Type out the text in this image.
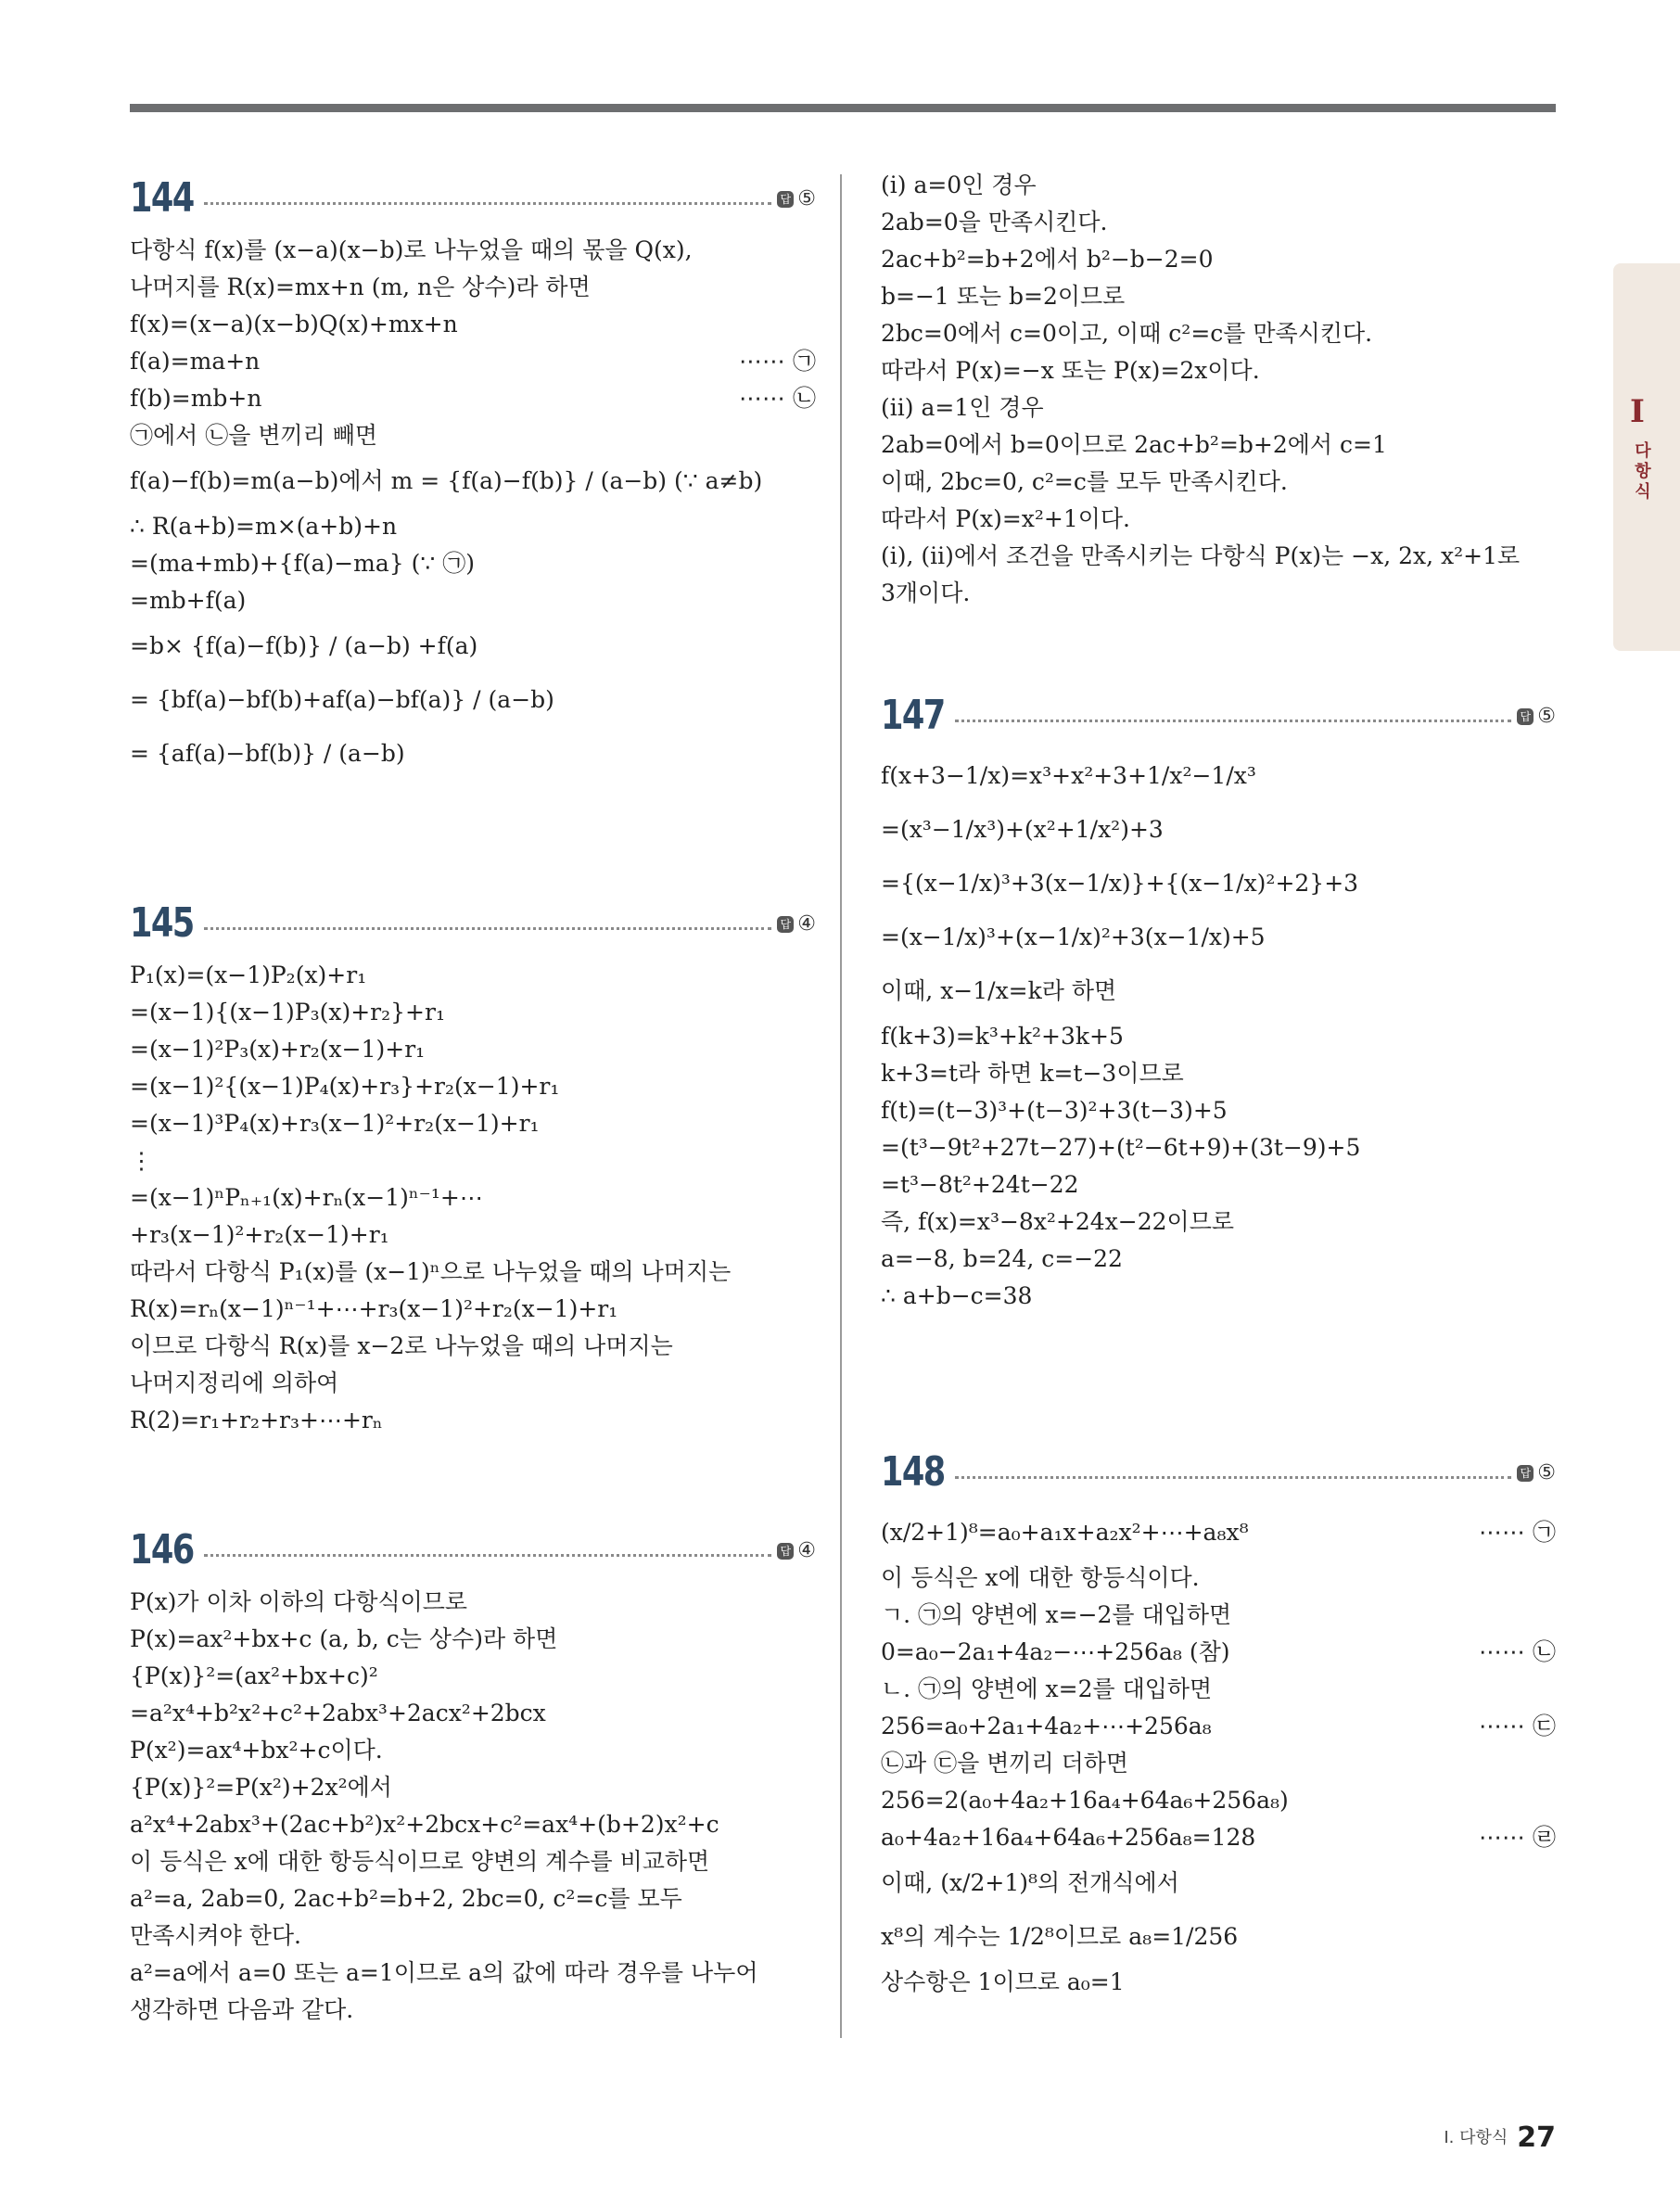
I
다항식
144	답 ⑤
다항식 f(x)를 (x−a)(x−b)로 나누었을 때의 몫을 Q(x),
나머지를 R(x)=mx+n (m, n은 상수)라 하면
f(x)=(x−a)(x−b)Q(x)+mx+n
f(a)=ma+n	⋯⋯ ㉠
f(b)=mb+n	⋯⋯ ㉡
㉠에서 ㉡을 변끼리 빼면
f(a)−f(b)=m(a−b)에서 m = {f(a)−f(b)} / (a−b) (∵ a≠b)
∴ R(a+b)=m×(a+b)+n
=(ma+mb)+{f(a)−ma} (∵ ㉠)
=mb+f(a)
=b× {f(a)−f(b)} / (a−b) +f(a)
= {bf(a)−bf(b)+af(a)−bf(a)} / (a−b)
= {af(a)−bf(b)} / (a−b)
145	답 ④
P₁(x)=(x−1)P₂(x)+r₁
=(x−1){(x−1)P₃(x)+r₂}+r₁
=(x−1)²P₃(x)+r₂(x−1)+r₁
=(x−1)²{(x−1)P₄(x)+r₃}+r₂(x−1)+r₁
=(x−1)³P₄(x)+r₃(x−1)²+r₂(x−1)+r₁
⋮
=(x−1)ⁿPₙ₊₁(x)+rₙ(x−1)ⁿ⁻¹+⋯
+r₃(x−1)²+r₂(x−1)+r₁
따라서 다항식 P₁(x)를 (x−1)ⁿ으로 나누었을 때의 나머지는
R(x)=rₙ(x−1)ⁿ⁻¹+⋯+r₃(x−1)²+r₂(x−1)+r₁
이므로 다항식 R(x)를 x−2로 나누었을 때의 나머지는
나머지정리에 의하여
R(2)=r₁+r₂+r₃+⋯+rₙ
146	답 ④
P(x)가 이차 이하의 다항식이므로
P(x)=ax²+bx+c (a, b, c는 상수)라 하면
{P(x)}²=(ax²+bx+c)²
=a²x⁴+b²x²+c²+2abx³+2acx²+2bcx
P(x²)=ax⁴+bx²+c이다.
{P(x)}²=P(x²)+2x²에서
a²x⁴+2abx³+(2ac+b²)x²+2bcx+c²=ax⁴+(b+2)x²+c
이 등식은 x에 대한 항등식이므로 양변의 계수를 비교하면
a²=a, 2ab=0, 2ac+b²=b+2, 2bc=0, c²=c를 모두
만족시켜야 한다.
a²=a에서 a=0 또는 a=1이므로 a의 값에 따라 경우를 나누어
생각하면 다음과 같다.
(ⅰ) a=0인 경우
2ab=0을 만족시킨다.
2ac+b²=b+2에서 b²−b−2=0
b=−1 또는 b=2이므로
2bc=0에서 c=0이고, 이때 c²=c를 만족시킨다.
따라서 P(x)=−x 또는 P(x)=2x이다.
(ⅱ) a=1인 경우
2ab=0에서 b=0이므로 2ac+b²=b+2에서 c=1
이때, 2bc=0, c²=c를 모두 만족시킨다.
따라서 P(x)=x²+1이다.
(ⅰ), (ⅱ)에서 조건을 만족시키는 다항식 P(x)는 −x, 2x, x²+1로
3개이다.
147	답 ⑤
f(x+3−1/x)=x³+x²+3+1/x²−1/x³
=(x³−1/x³)+(x²+1/x²)+3
={(x−1/x)³+3(x−1/x)}+{(x−1/x)²+2}+3
=(x−1/x)³+(x−1/x)²+3(x−1/x)+5
이때, x−1/x=k라 하면
f(k+3)=k³+k²+3k+5
k+3=t라 하면 k=t−3이므로
f(t)=(t−3)³+(t−3)²+3(t−3)+5
=(t³−9t²+27t−27)+(t²−6t+9)+(3t−9)+5
=t³−8t²+24t−22
즉, f(x)=x³−8x²+24x−22이므로
a=−8, b=24, c=−22
∴ a+b−c=38
148	답 ⑤
(x/2+1)⁸=a₀+a₁x+a₂x²+⋯+a₈x⁸	⋯⋯ ㉠
이 등식은 x에 대한 항등식이다.
ㄱ. ㉠의 양변에 x=−2를 대입하면
0=a₀−2a₁+4a₂−⋯+256a₈ (참)	⋯⋯ ㉡
ㄴ. ㉠의 양변에 x=2를 대입하면
256=a₀+2a₁+4a₂+⋯+256a₈	⋯⋯ ㉢
㉡과 ㉢을 변끼리 더하면
256=2(a₀+4a₂+16a₄+64a₆+256a₈)
a₀+4a₂+16a₄+64a₆+256a₈=128	⋯⋯ ㉣
이때, (x/2+1)⁸의 전개식에서
x⁸의 계수는 1/2⁸이므로 a₈=1/256
상수항은 1이므로 a₀=1
I. 다항식 27
